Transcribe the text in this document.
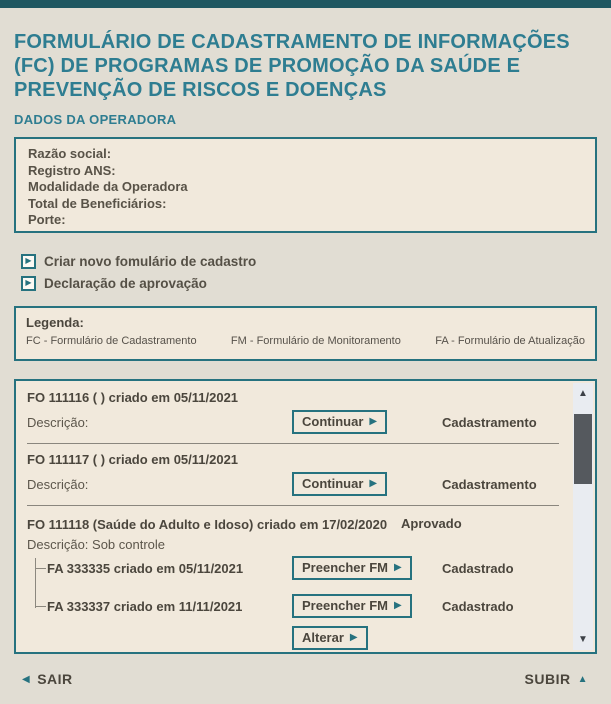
FORMULÁRIO DE CADASTRAMENTO DE INFORMAÇÕES (FC) DE PROGRAMAS DE PROMOÇÃO DA SAÚDE E PREVENÇÃO DE RISCOS E DOENÇAS
DADOS DA OPERADORA
Razão social:
Registro ANS:
Modalidade da Operadora
Total de Beneficiários:
Porte:
▶ Criar novo fomulário de cadastro
▶ Declaração de aprovação
Legenda:
FC - Formulário de Cadastramento	FM - Formulário de Monitoramento	FA - Formulário de Atualização
FO 111116 ( ) criado em 05/11/2021
Descrição:	Continuar ▶	Cadastramento
FO 111117 ( ) criado em 05/11/2021
Descrição:	Continuar ▶	Cadastramento
FO 111118 (Saúde do Adulto e Idoso) criado em 17/02/2020	Aprovado
Descrição: Sob controle
FA 333335 criado em 05/11/2021	Preencher FM ▶	Cadastrado
FA 333337 criado em 11/11/2021	Preencher FM ▶	Cadastrado
Alterar ▶
▲
▼
◀ SAIR	SUBIR ▲
